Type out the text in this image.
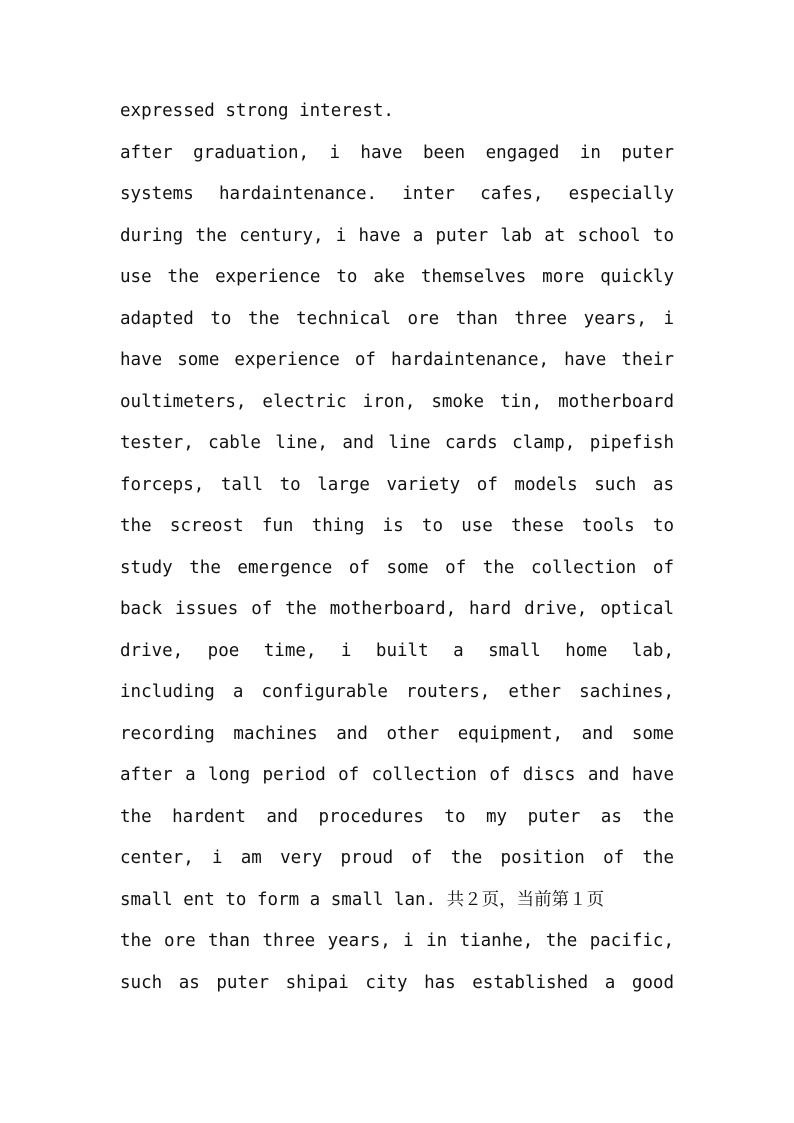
expressed strong interest.
after graduation, i have been engaged in puter
systems hardaintenance. inter cafes, especially
during the century, i have a puter lab at school to
use the experience to ake themselves more quickly
adapted to the technical ore than three years, i
have some experience of hardaintenance, have their
oultimeters, electric iron, smoke tin, motherboard
tester, cable line, and line cards clamp, pipefish
forceps, tall to large variety of models such as
the screost fun thing is to use these tools to
study the emergence of some of the collection of
back issues of the motherboard, hard drive, optical
drive, poe time, i built a small home lab,
including a configurable routers, ether sachines,
recording machines and other equipment, and some
after a long period of collection of discs and have
the hardent and procedures to my puter as the
center, i am very proud of the position of the
small ent to form a small lan. 共２页，当前第１页
the ore than three years, i in tianhe, the pacific,
such as puter shipai city has established a good
